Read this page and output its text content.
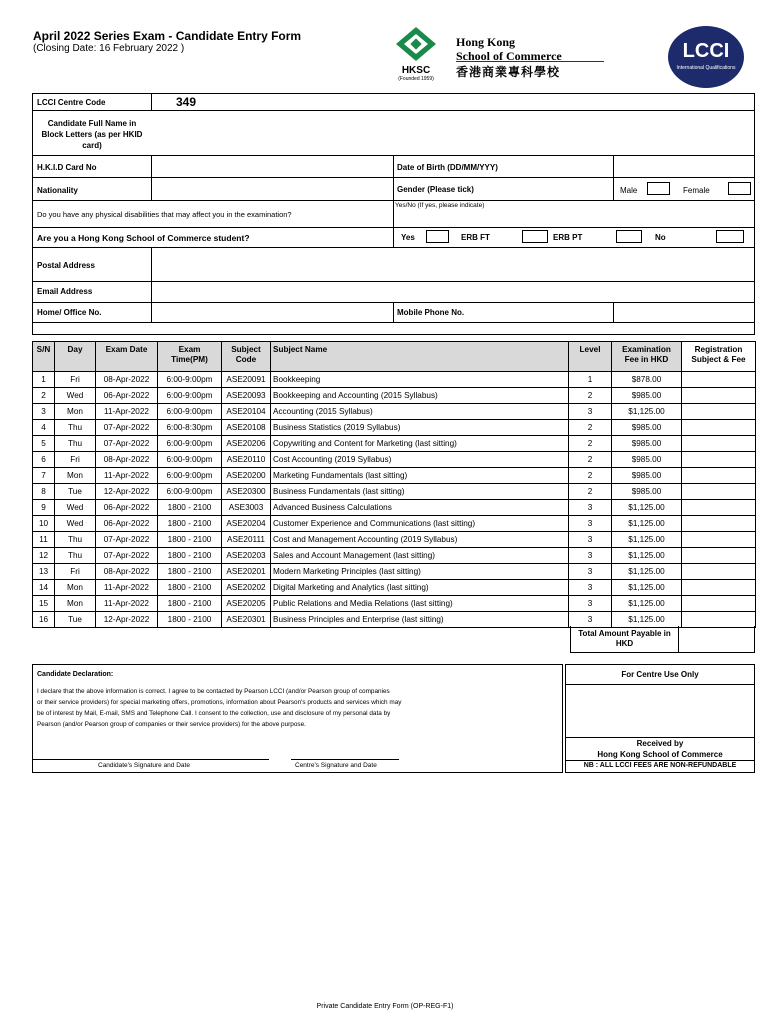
April 2022 Series Exam - Candidate Entry Form
(Closing Date: 16 February 2022 )
HKSC
(Founded 1959)
Hong Kong
School of Commerce
香港商業專科學校
LCCI
International Qualifications
LCCI Centre Code	349
Candidate Full Name in Block Letters (as per HKID card)
H.K.I.D Card No	Date of Birth (DD/MM/YYY)
Nationality	Gender (Please tick)	Male	Female
Do you have any physical disabilities that may affect you in the examination?
Yes/No (If yes, please indicate)
Are you a Hong Kong School of Commerce student?	Yes	ERB FT	ERB PT	No
Postal Address
Email Address
Home/ Office No.	Mobile Phone No.
S/N	Day	Exam Date	Exam Time(PM)	Subject Code	Subject Name	Level	Examination Fee in HKD	Registration Subject & Fee
1	Fri	08-Apr-2022	6:00-9:00pm	ASE20091	Bookkeeping	1	$878.00	
2	Wed	06-Apr-2022	6:00-9:00pm	ASE20093	Bookkeeping and Accounting (2015 Syllabus)	2	$985.00	
3	Mon	11-Apr-2022	6:00-9:00pm	ASE20104	Accounting (2015 Syllabus)	3	$1,125.00	
4	Thu	07-Apr-2022	6:00-8:30pm	ASE20108	Business Statistics (2019 Syllabus)	2	$985.00	
5	Thu	07-Apr-2022	6:00-9:00pm	ASE20206	Copywriting and Content for Marketing (last sitting)	2	$985.00	
6	Fri	08-Apr-2022	6:00-9:00pm	ASE20110	Cost Accounting (2019 Syllabus)	2	$985.00	
7	Mon	11-Apr-2022	6:00-9:00pm	ASE20200	Marketing Fundamentals (last sitting)	2	$985.00	
8	Tue	12-Apr-2022	6:00-9:00pm	ASE20300	Business Fundamentals (last sitting)	2	$985.00	
9	Wed	06-Apr-2022	1800 - 2100	ASE3003	Advanced Business Calculations	3	$1,125.00	
10	Wed	06-Apr-2022	1800 - 2100	ASE20204	Customer Experience and Communications (last sitting)	3	$1,125.00	
11	Thu	07-Apr-2022	1800 - 2100	ASE20111	Cost and Management Accounting (2019 Syllabus)	3	$1,125.00	
12	Thu	07-Apr-2022	1800 - 2100	ASE20203	Sales and Account Management (last sitting)	3	$1,125.00	
13	Fri	08-Apr-2022	1800 - 2100	ASE20201	Modern Marketing Principles (last sitting)	3	$1,125.00	
14	Mon	11-Apr-2022	1800 - 2100	ASE20202	Digital Marketing and Analytics (last sitting)	3	$1,125.00	
15	Mon	11-Apr-2022	1800 - 2100	ASE20205	Public Relations and Media Relations (last sitting)	3	$1,125.00	
16	Tue	12-Apr-2022	1800 - 2100	ASE20301	Business Principles and Enterprise (last sitting)	3	$1,125.00	
Total Amount Payable in HKD
Candidate Declaration:
I declare that the above information is correct. I agree to be contacted by Pearson LCCI (and/or Pearson group of companies
or their service providers) for special marketing offers, promotions, information about Pearson's products and services which may
be of interest by Mail, E-mail, SMS and Telephone Call. I consent to the collection, use and disclosure of my personal data by
Pearson (and/or Pearson group of companies or their service providers) for the above purpose.
Candidate's Signature and Date	Centre's Signature and Date
For Centre Use Only
Received by
Hong Kong School of Commerce
NB : ALL LCCI FEES ARE NON-REFUNDABLE
Private Candidate Entry Form (OP-REG-F1)
